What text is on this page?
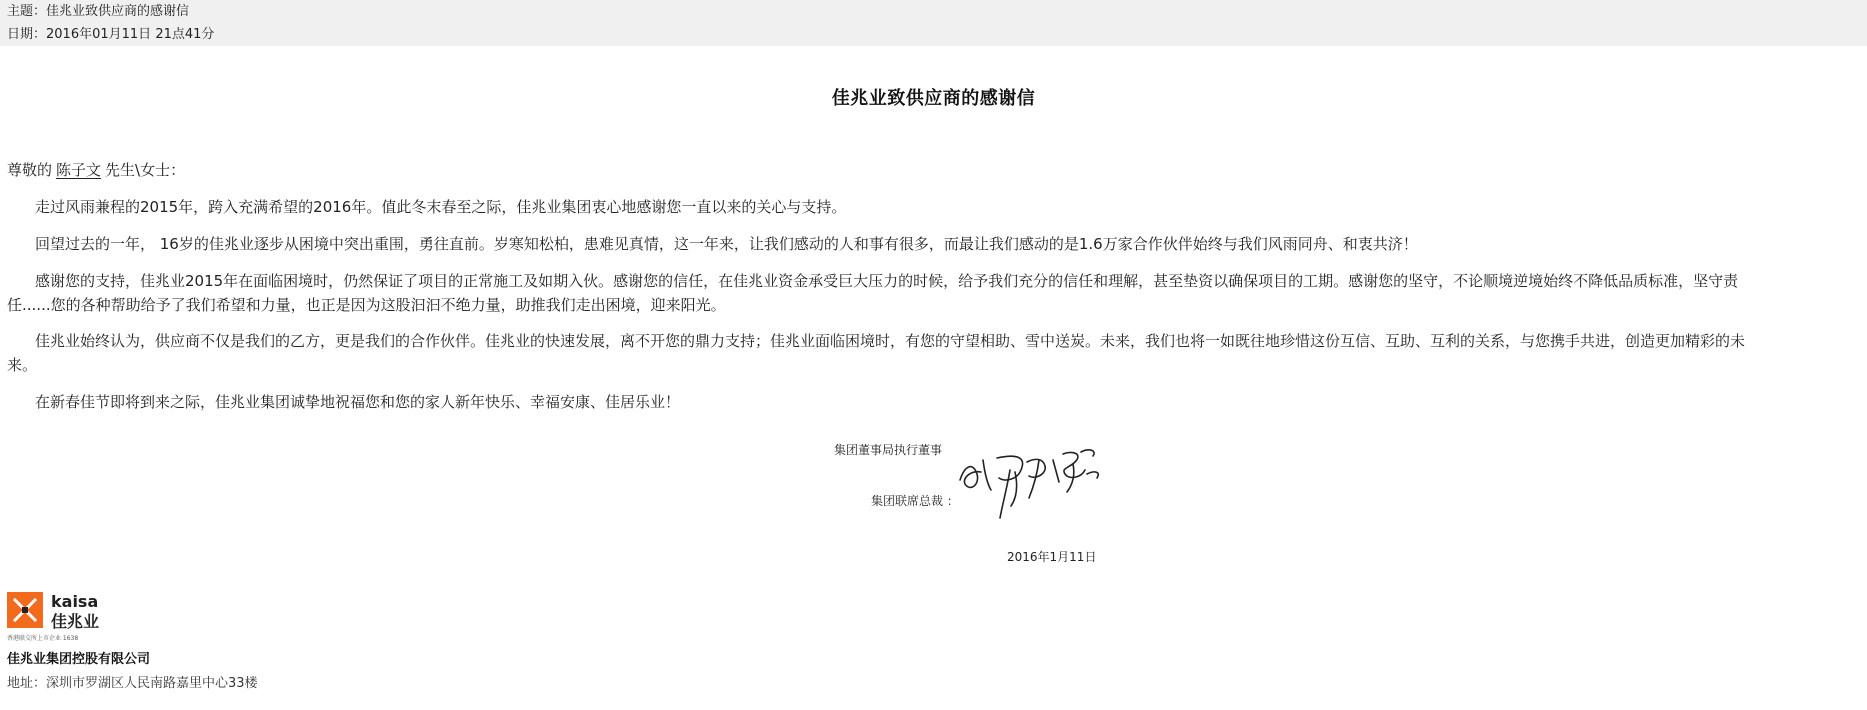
主题：佳兆业致供应商的感谢信
日期：2016年01月11日 21点41分
佳兆业致供应商的感谢信
尊敬的 陈子文 先生\女士：
走过风雨兼程的2015年，跨入充满希望的2016年。值此冬末春至之际，佳兆业集团衷心地感谢您一直以来的关心与支持。
回望过去的一年， 16岁的佳兆业逐步从困境中突出重围，勇往直前。岁寒知松柏，患难见真情，这一年来，让我们感动的人和事有很多，而最让我们感动的是1.6万家合作伙伴始终与我们风雨同舟、和衷共济！
感谢您的支持，佳兆业2015年在面临困境时，仍然保证了项目的正常施工及如期入伙。感谢您的信任，在佳兆业资金承受巨大压力的时候，给予我们充分的信任和理解，甚至垫资以确保项目的工期。感谢您的坚守，不论顺境逆境始终不降低品质标准，坚守责
任......您的各种帮助给予了我们希望和力量，也正是因为这股汩汩不绝力量，助推我们走出困境，迎来阳光。
佳兆业始终认为，供应商不仅是我们的乙方，更是我们的合作伙伴。佳兆业的快速发展，离不开您的鼎力支持；佳兆业面临困境时，有您的守望相助、雪中送炭。未来，我们也将一如既往地珍惜这份互信、互助、互利的关系，与您携手共进，创造更加精彩的未
来。
在新春佳节即将到来之际，佳兆业集团诚挚地祝福您和您的家人新年快乐、幸福安康、佳居乐业！
集团董事局执行董事
集团联席总裁 ：
2016年1月11日
kaisa
佳兆业
香港联交所上市企业 1638
佳兆业集团控股有限公司
地址：深圳市罗湖区人民南路嘉里中心33楼
